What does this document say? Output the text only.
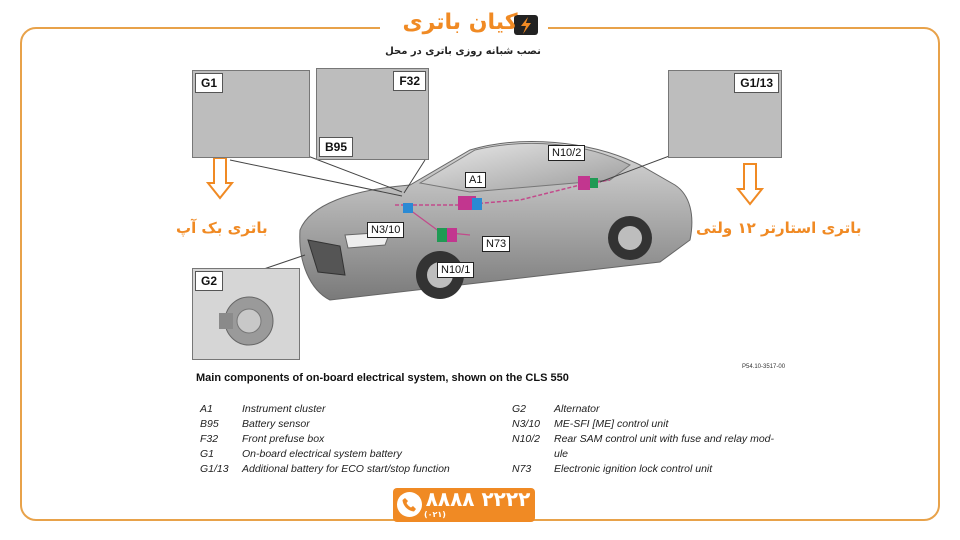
کیان باتری
نصب شبانه روزی باتری در محل
G1	F32
B95
G1/13
G2
A1
N10/2
N3/10
N73
N10/1
باتری بک آپ	باتری استارتر ۱۲ ولتی
P54.10-3517-00
Main components of on-board electrical system, shown on the CLS 550
A1	Instrument cluster
B95	Battery sensor
F32	Front prefuse box
G1	On-board electrical system battery
G1/13	Additional battery for ECO start/stop function
G2	Alternator
N3/10	ME-SFI [ME] control unit
N10/2	Rear SAM control unit with fuse and relay mod-
ule
N73	Electronic ignition lock control unit
۸۸۸۸ ۲۲۲۲
(۰۲۱)
